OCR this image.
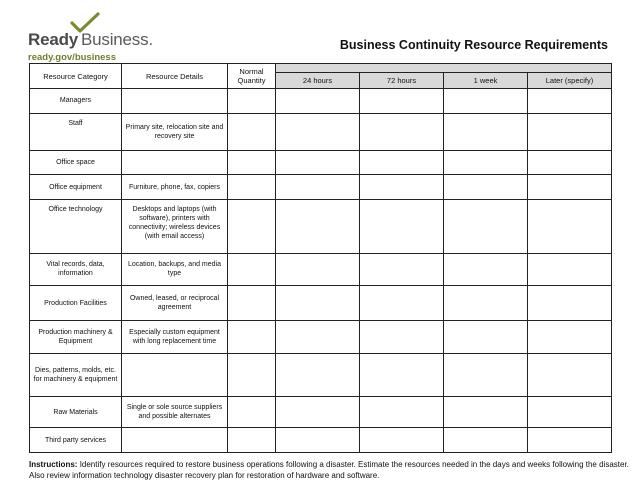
Ready Business.
ready.gov/business
Business Continuity Resource Requirements
Resource Category	Resource Details	Normal Quantity				
			24 hours	72 hours	1 week	Later (specify)
Managers						
Staff	Primary site, relocation site and recovery site					
Office space						
Office equipment	Furniture, phone, fax, copiers					
Office technology	Desktops and laptops (with software), printers with connectivity; wireless devices (with email access)					
Vital records, data, information	Location, backups, and media type					
Production Facilities	Owned, leased, or reciprocal agreement					
Production machinery & Equipment	Especially custom equipment with long replacement time					
Dies, patterns, molds, etc. for machinery & equipment						
Raw Materials	Single or sole source suppliers and possible alternates					
Third party services						
Instructions: Identify resources required to restore business operations following a disaster. Estimate the resources needed in the days and weeks following the disaster.
Also review information technology disaster recovery plan for restoration of hardware and software.
